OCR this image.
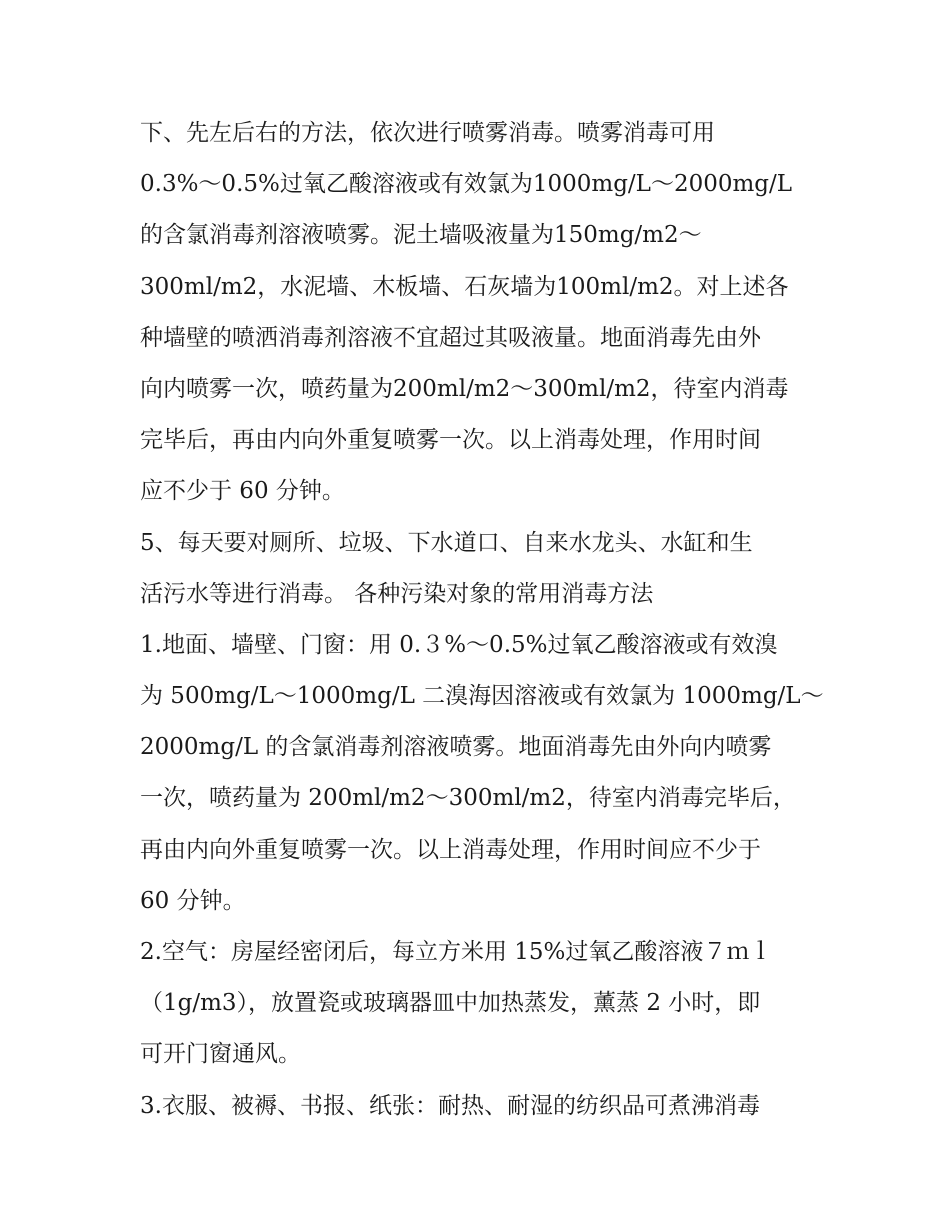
下、先左后右的方法，依次进行喷雾消毒。喷雾消毒可用
0.3%～0.5%过氧乙酸溶液或有效氯为1000mg/L～2000mg/L
的含氯消毒剂溶液喷雾。泥土墙吸液量为150mg/m2～
300ml/m2，水泥墙、木板墙、石灰墙为100ml/m2。对上述各
种墙壁的喷洒消毒剂溶液不宜超过其吸液量。地面消毒先由外
向内喷雾一次，喷药量为200ml/m2～300ml/m2，待室内消毒
完毕后，再由内向外重复喷雾一次。以上消毒处理，作用时间
应不少于 60 分钟。
5、每天要对厕所、垃圾、下水道口、自来水龙头、水缸和生
活污水等进行消毒。 各种污染对象的常用消毒方法
1.地面、墙壁、门窗：用 0.３%～0.5%过氧乙酸溶液或有效溴
为 500mg/L～1000mg/L 二溴海因溶液或有效氯为 1000mg/L～
2000mg/L 的含氯消毒剂溶液喷雾。地面消毒先由外向内喷雾
一次，喷药量为 200ml/m2～300ml/m2，待室内消毒完毕后，
再由内向外重复喷雾一次。以上消毒处理，作用时间应不少于
60 分钟。
2.空气：房屋经密闭后，每立方米用 15%过氧乙酸溶液７ｍｌ
（1g/m3），放置瓷或玻璃器皿中加热蒸发，薰蒸 2 小时，即
可开门窗通风。
3.衣服、被褥、书报、纸张：耐热、耐湿的纺织品可煮沸消毒
